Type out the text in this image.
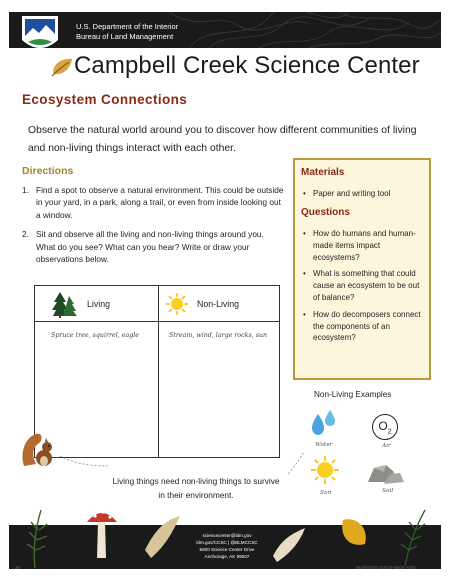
U.S. Department of the Interior
Bureau of Land Management
Campbell Creek Science Center
Ecosystem Connections

Observe the natural world around you to discover how different communities of living and non-living things interact with each other.

Directions
1. Find a spot to observe a natural environment. This could be outside in your yard, in a park, along a trail, or even from inside looking out a window.
2. Sit and observe all the living and non-living things around you. What do you see? What can you hear? Write or draw your observations below.
Living
Spruce tree, squirrel, eagle
Non-Living
Stream, wind, large rocks, sun
Materials
• Paper and writing tool
Questions
• How do humans and human-made items impact ecosystems?
• What is something that could cause an ecosystem to be out of balance?
• How do decomposers connect the components of an ecosystem?
Non-Living Examples
Water
$O_2$
Air
Sun	Soil
Living things need non-living things to survive in their environment.
sciencecenter@blm.gov
blm.gov/CCSC | @BLMCCSC
5600 Science Center Drive
Anchorage, AK 99507
36	BLM/AK/GI-20/019+8000-A000
